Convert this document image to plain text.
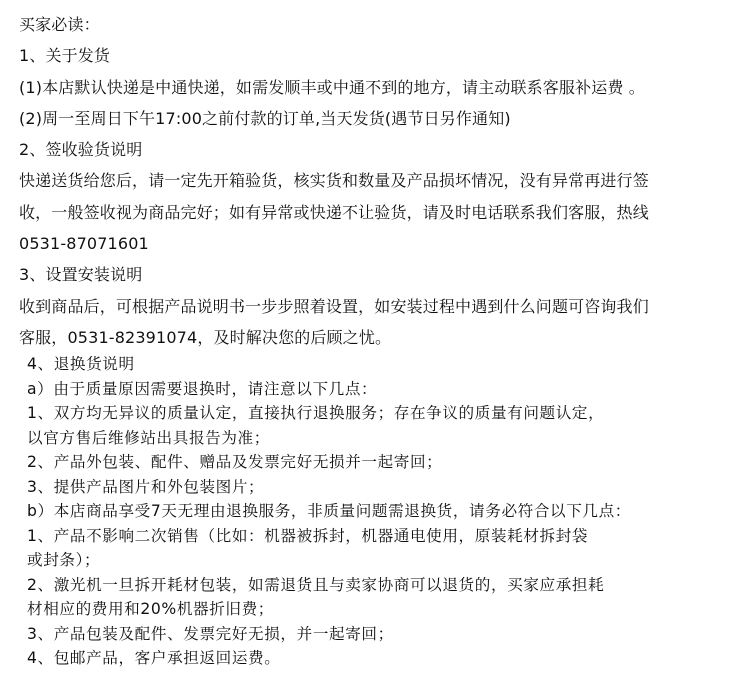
买家必读：
1、关于发货
(1)本店默认快递是中通快递，如需发顺丰或中通不到的地方，请主动联系客服补运费 。
(2)周一至周日下午17:00之前付款的订单,当天发货(遇节日另作通知)
2、签收验货说明
快递送货给您后，请一定先开箱验货，核实货和数量及产品损坏情况，没有异常再进行签
收，一般签收视为商品完好；如有异常或快递不让验货，请及时电话联系我们客服，热线
0531-87071601
3、设置安装说明
收到商品后，可根据产品说明书一步步照着设置，如安装过程中遇到什么问题可咨询我们
客服，0531-82391074，及时解决您的后顾之忧。
4、退换货说明
a）由于质量原因需要退换时，请注意以下几点：
1、双方均无异议的质量认定，直接执行退换服务；存在争议的质量有问题认定，
以官方售后维修站出具报告为准；
2、产品外包装、配件、赠品及发票完好无损并一起寄回；
3、提供产品图片和外包装图片；
b）本店商品享受7天无理由退换服务，非质量问题需退换货，请务必符合以下几点：
1、产品不影响二次销售（比如：机器被拆封，机器通电使用，原装耗材拆封袋
或封条）；
2、激光机一旦拆开耗材包装，如需退货且与卖家协商可以退货的，买家应承担耗
材相应的费用和20%机器折旧费；
3、产品包装及配件、发票完好无损，并一起寄回；
4、包邮产品，客户承担返回运费。
